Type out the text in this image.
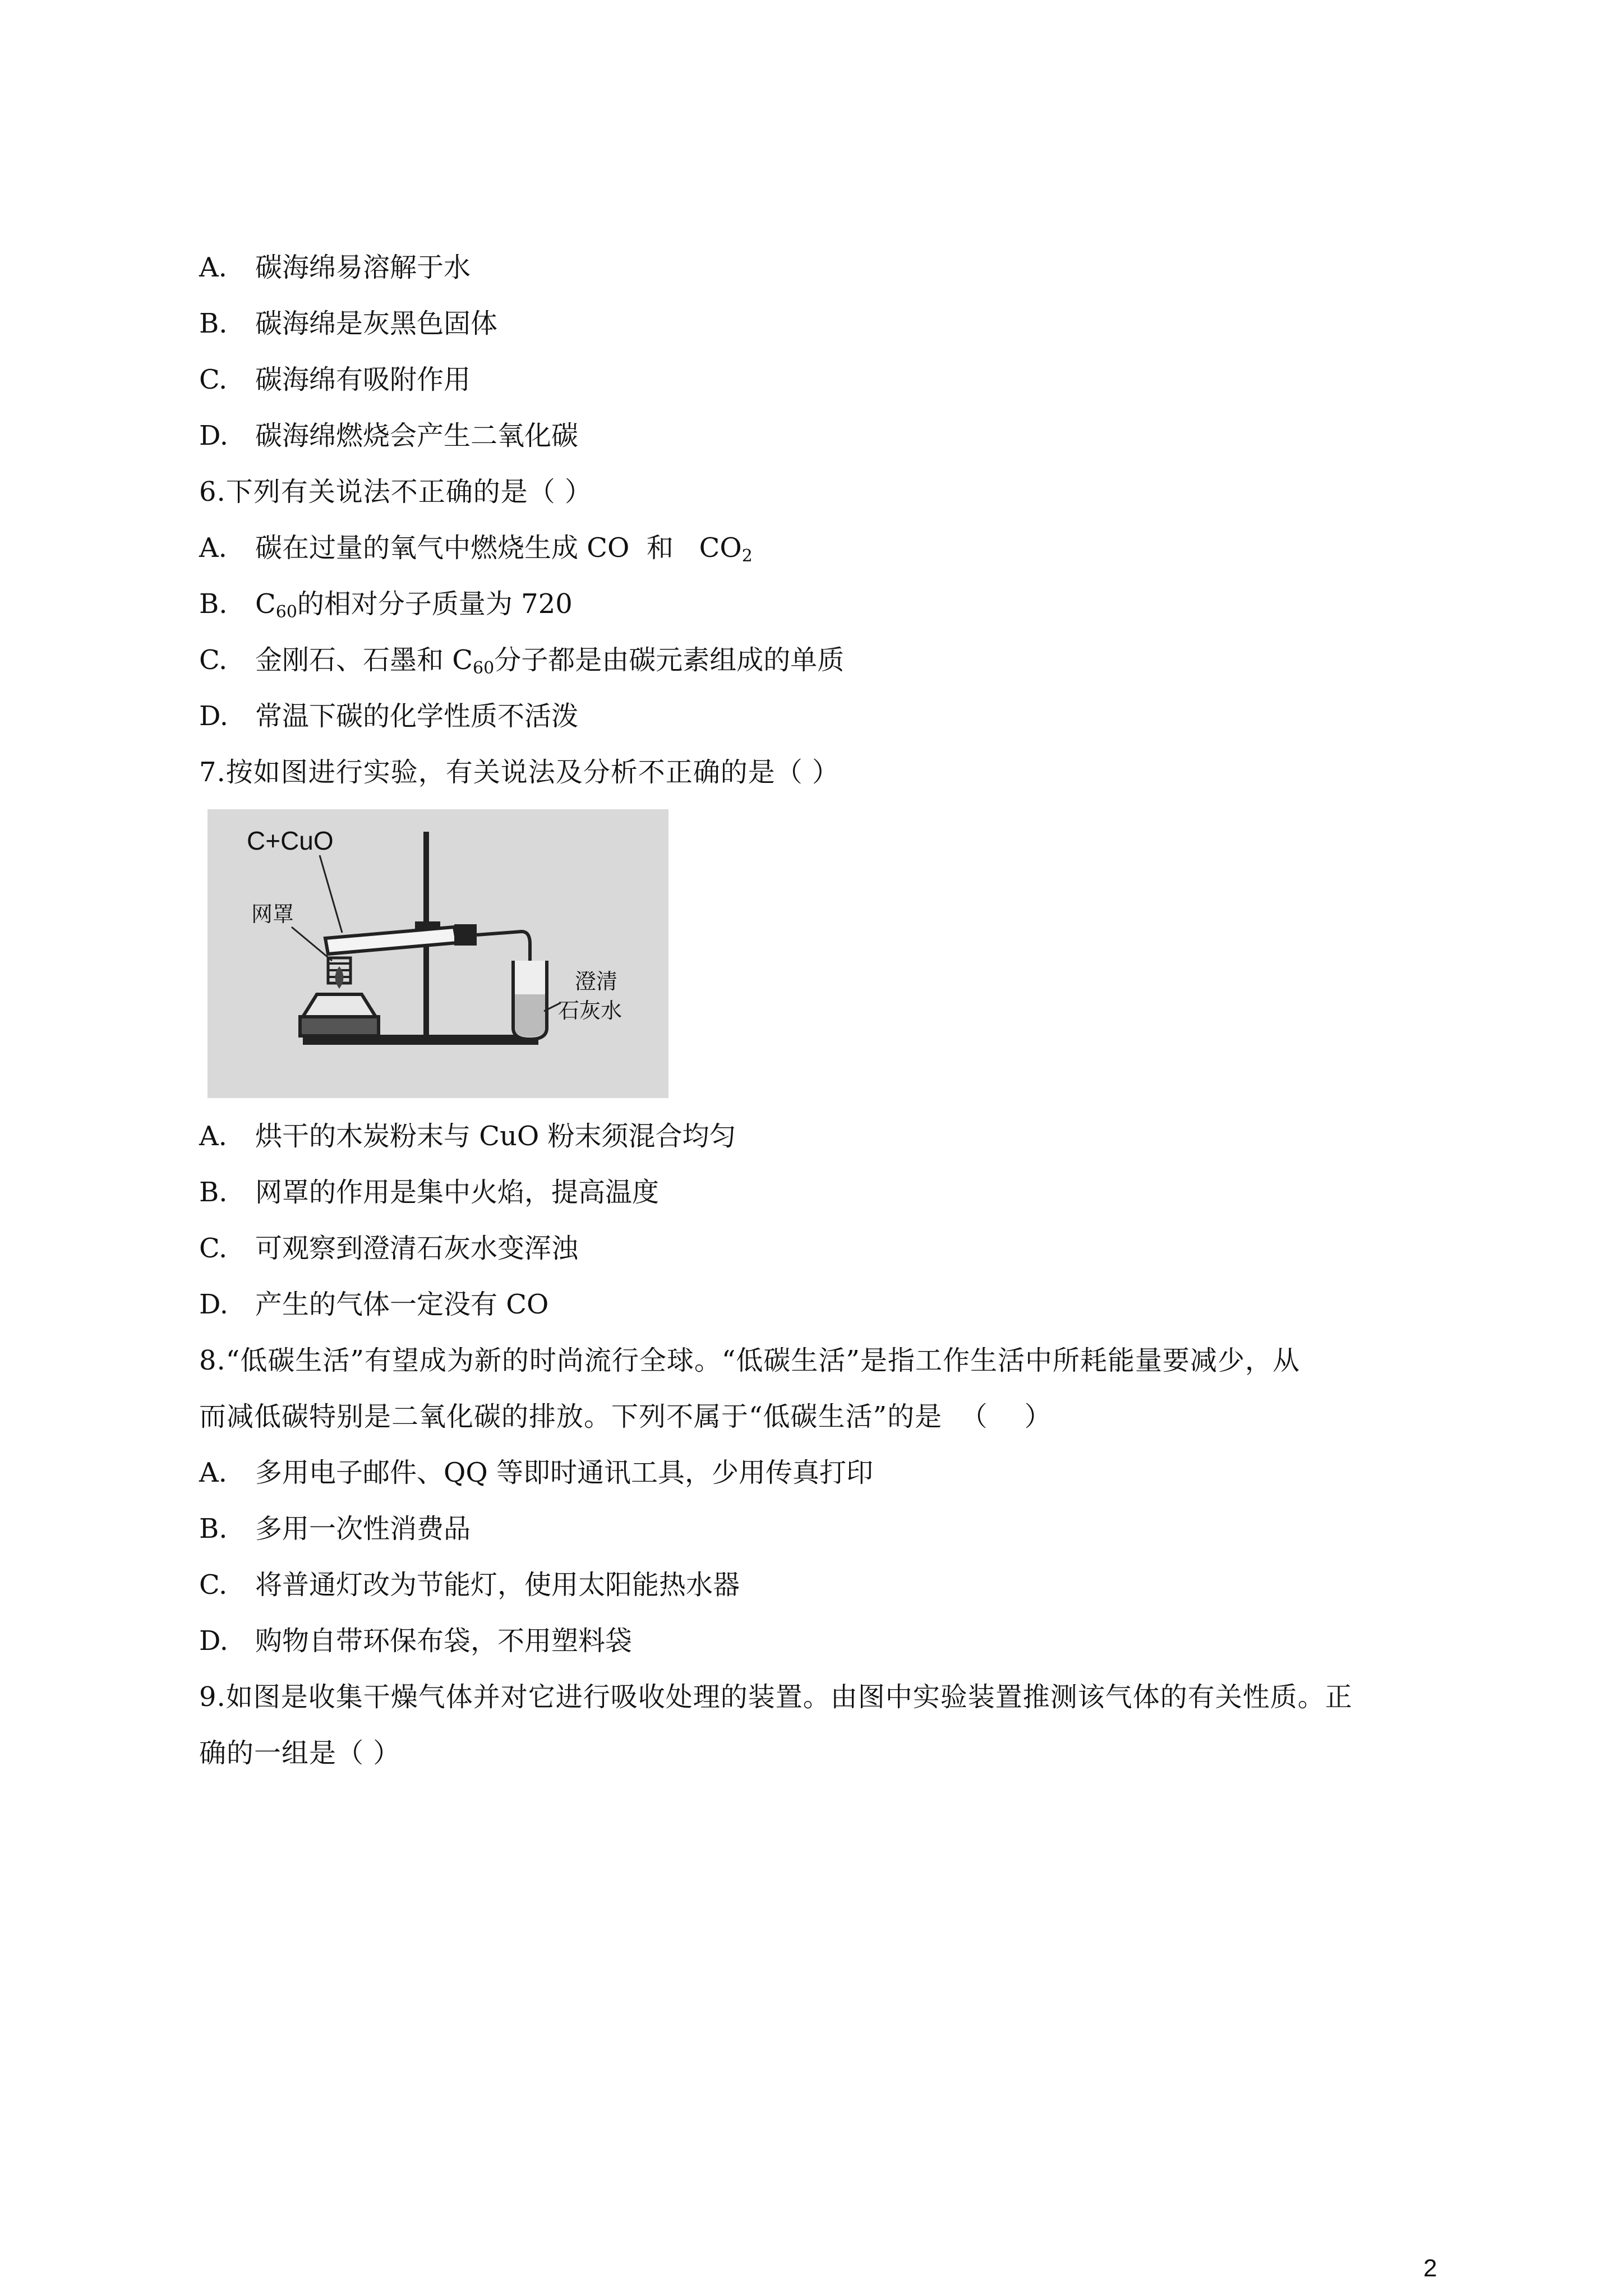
A.	碳海绵易溶解于水
B.	碳海绵是灰黑色固体
C.	碳海绵有吸附作用
D. 碳海绵燃烧会产生二氧化碳
6.下列有关说法不正确的是（ ）
A.	碳在过量的氧气中燃烧生成 CO  和   $CO_2$
B.	$C_{60}$的相对分子质量为 720
C.	金刚石、石墨和 $C_{60}$分子都是由碳元素组成的单质
D. 常温下碳的化学性质不活泼
7.按如图进行实验，有关说法及分析不正确的是（ ）
C+CuO
网罩
澄清
石灰水
A.	烘干的木炭粉末与 CuO 粉末须混合均匀
B.	网罩的作用是集中火焰，提高温度
C.	可观察到澄清石灰水变浑浊
D. 产生的气体一定没有 CO
8.“低碳生活”有望成为新的时尚流行全球。“低碳生活”是指工作生活中所耗能量要减少，从
而减低碳特别是二氧化碳的排放。下列不属于“低碳生活”的是  （    ）
A.	多用电子邮件、QQ 等即时通讯工具，少用传真打印
B.	多用一次性消费品
C.	将普通灯改为节能灯，使用太阳能热水器
D. 购物自带环保布袋，不用塑料袋
9.如图是收集干燥气体并对它进行吸收处理的装置。由图中实验装置推测该气体的有关性质。正
确的一组是（ ）
2
